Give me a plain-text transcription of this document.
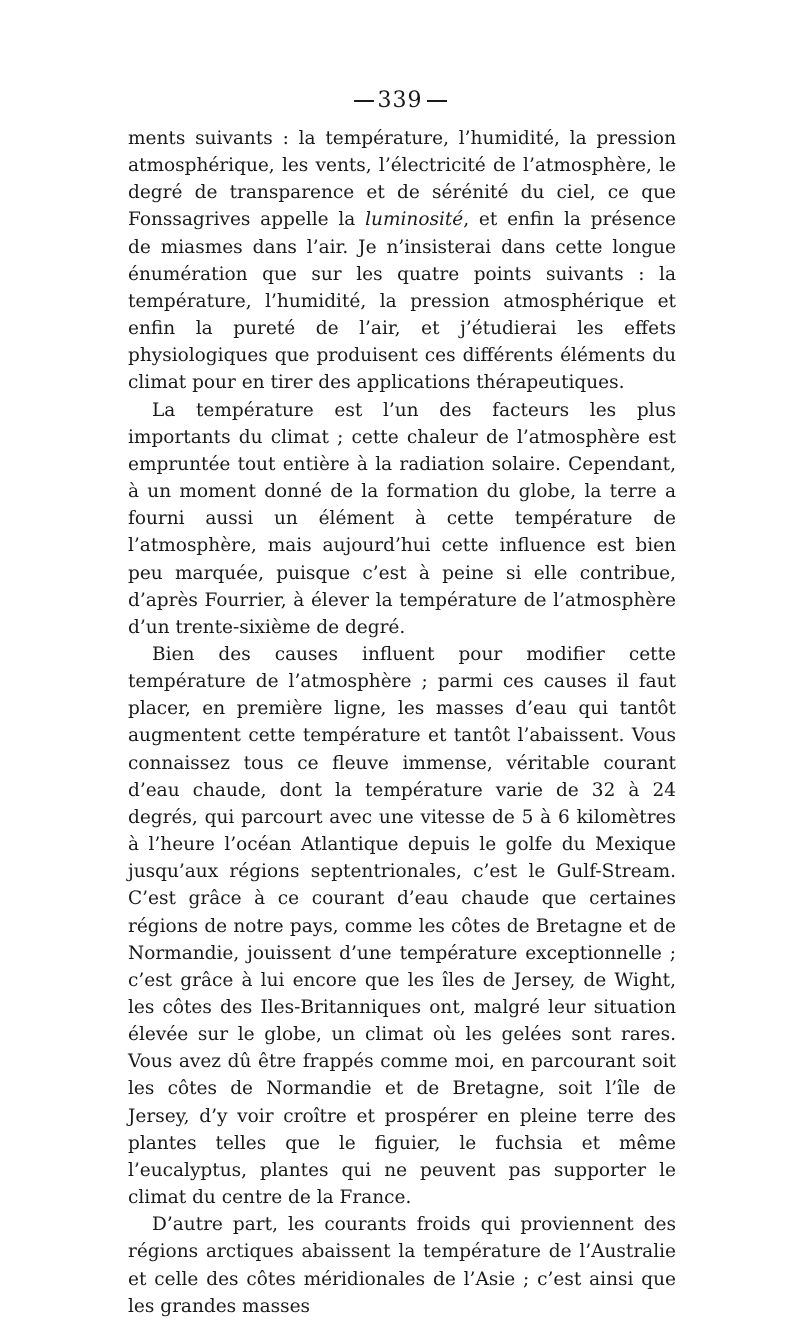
339

ments suivants : la température, l’humidité, la pression atmosphérique, les vents, l’électricité de l’atmosphère, le degré de transparence et de sérénité du ciel, ce que Fonssagrives appelle la luminosité, et enfin la présence de miasmes dans l’air. Je n’insisterai dans cette longue énumération que sur les quatre points suivants : la température, l’humidité, la pression atmosphérique et enfin la pureté de l’air, et j’étudierai les effets physiologiques que produisent ces différents éléments du climat pour en tirer des applications thérapeutiques.

La température est l’un des facteurs les plus importants du climat ; cette chaleur de l’atmosphère est empruntée tout entière à la radiation solaire. Cependant, à un moment donné de la formation du globe, la terre a fourni aussi un élément à cette température de l’atmosphère, mais aujourd’hui cette influence est bien peu marquée, puisque c’est à peine si elle contribue, d’après Fourrier, à élever la température de l’atmosphère d’un trente-sixième de degré.

Bien des causes influent pour modifier cette température de l’atmosphère ; parmi ces causes il faut placer, en première ligne, les masses d’eau qui tantôt augmentent cette température et tantôt l’abaissent. Vous connaissez tous ce fleuve immense, véritable courant d’eau chaude, dont la température varie de 32 à 24 degrés, qui parcourt avec une vitesse de 5 à 6 kilomètres à l’heure l’océan Atlantique depuis le golfe du Mexique jusqu’aux régions septentrionales, c’est le Gulf-Stream. C’est grâce à ce courant d’eau chaude que certaines régions de notre pays, comme les côtes de Bretagne et de Normandie, jouissent d’une température exceptionnelle ; c’est grâce à lui encore que les îles de Jersey, de Wight, les côtes des Iles-Britanniques ont, malgré leur situation élevée sur le globe, un climat où les gelées sont rares. Vous avez dû être frappés comme moi, en parcourant soit les côtes de Normandie et de Bretagne, soit l’île de Jersey, d’y voir croître et prospérer en pleine terre des plantes telles que le figuier, le fuchsia et même l’eucalyptus, plantes qui ne peuvent pas supporter le climat du centre de la France.

D’autre part, les courants froids qui proviennent des régions arctiques abaissent la température de l’Australie et celle des côtes méridionales de l’Asie ; c’est ainsi que les grandes masses
